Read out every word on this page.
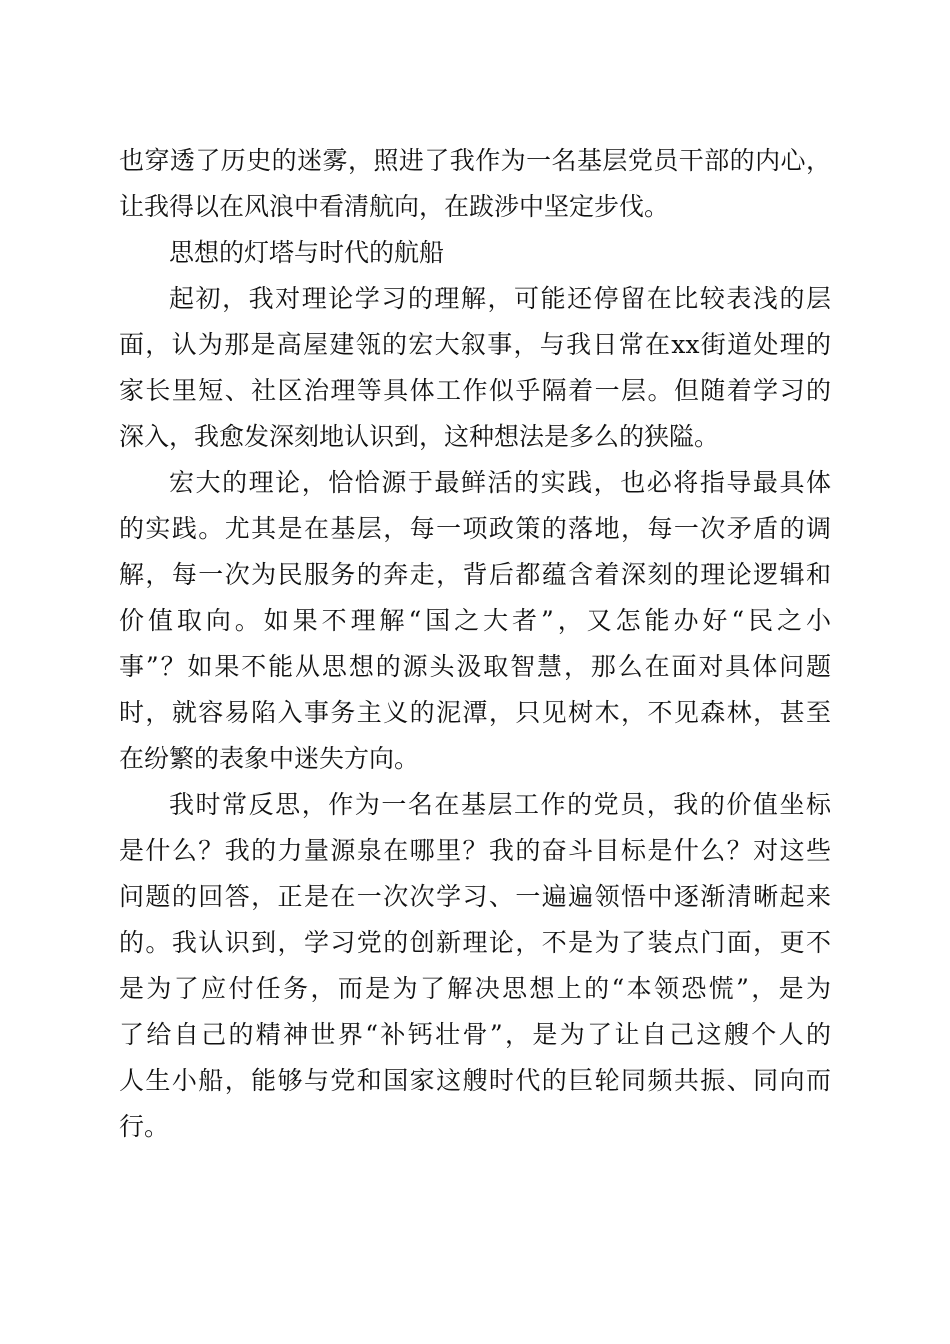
也穿透了历史的迷雾，照进了我作为一名基层党员干部的内心，
让我得以在风浪中看清航向，在跋涉中坚定步伐。
思想的灯塔与时代的航船
起初，我对理论学习的理解，可能还停留在比较表浅的层
面，认为那是高屋建瓴的宏大叙事，与我日常在xx街道处理的
家长里短、社区治理等具体工作似乎隔着一层。但随着学习的
深入，我愈发深刻地认识到，这种想法是多么的狭隘。
宏大的理论，恰恰源于最鲜活的实践，也必将指导最具体
的实践。尤其是在基层，每一项政策的落地，每一次矛盾的调
解，每一次为民服务的奔走，背后都蕴含着深刻的理论逻辑和
价值取向。如果不理解“国之大者”，又怎能办好“民之小
事”？如果不能从思想的源头汲取智慧，那么在面对具体问题
时，就容易陷入事务主义的泥潭，只见树木，不见森林，甚至
在纷繁的表象中迷失方向。
我时常反思，作为一名在基层工作的党员，我的价值坐标
是什么？我的力量源泉在哪里？我的奋斗目标是什么？对这些
问题的回答，正是在一次次学习、一遍遍领悟中逐渐清晰起来
的。我认识到，学习党的创新理论，不是为了装点门面，更不
是为了应付任务，而是为了解决思想上的“本领恐慌”，是为
了给自己的精神世界“补钙壮骨”，是为了让自己这艘个人的
人生小船，能够与党和国家这艘时代的巨轮同频共振、同向而
行。
